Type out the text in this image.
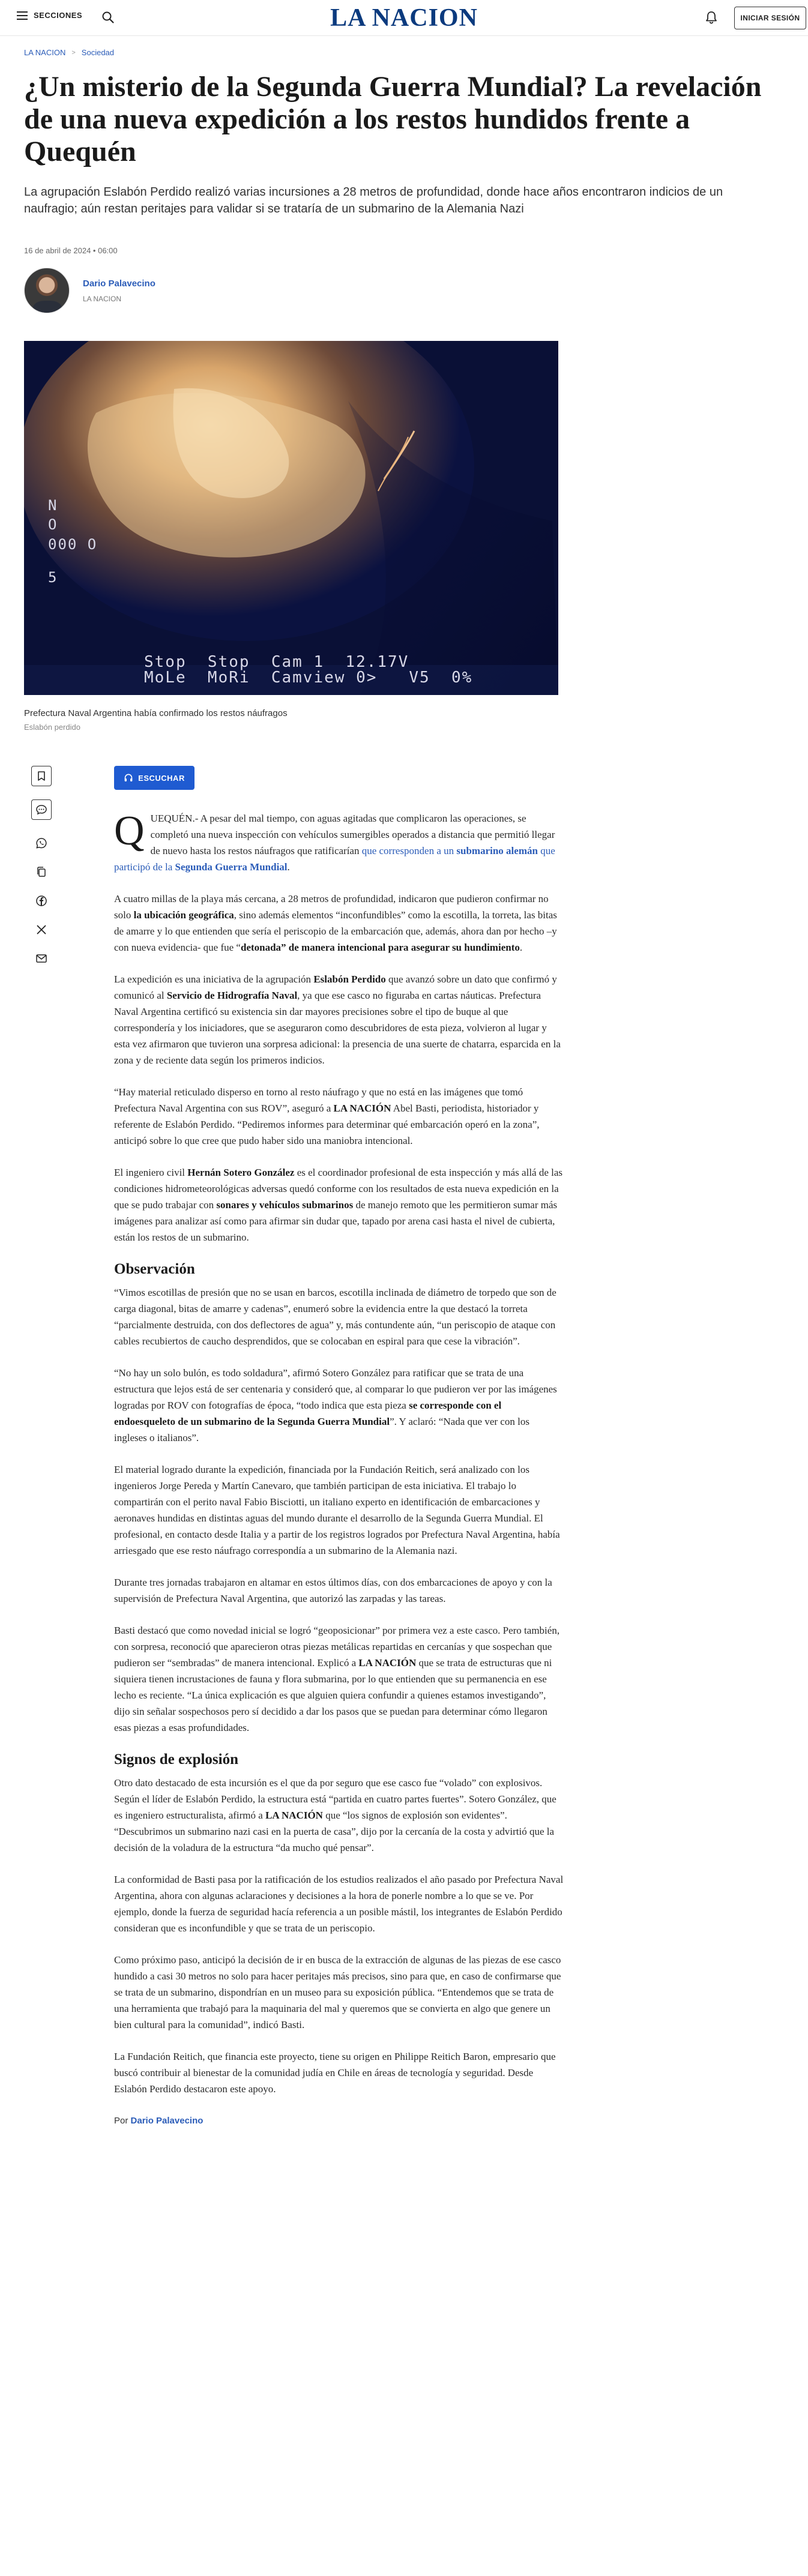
SECCIONES	LA NACION	INICIAR SESIÓN
LA NACION > Sociedad
¿Un misterio de la Segunda Guerra Mundial? La revelación de una nueva expedición a los restos hundidos frente a Quequén

La agrupación Eslabón Perdido realizó varias incursiones a 28 metros de profundidad, donde hace años encontraron indicios de un naufragio; aún restan peritajes para validar si se trataría de un submarino de la Alemania Nazi

16 de abril de 2024 • 06:00
Dario Palavecino
LA NACION
N
O
000 O
5
Stop  Stop  Cam 1  12.17V
MoLe  MoRi  Camview 0>   V5  0%
Prefectura Naval Argentina había confirmado los restos náufragos
Eslabón perdido
ESCUCHAR

QUEQUÉN.- A pesar del mal tiempo, con aguas agitadas que complicaron las operaciones, se completó una nueva inspección con vehículos sumergibles operados a distancia que permitió llegar de nuevo hasta los restos náufragos que ratificarían que corresponden a un submarino alemán que participó de la Segunda Guerra Mundial.

A cuatro millas de la playa más cercana, a 28 metros de profundidad, indicaron que pudieron confirmar no solo la ubicación geográfica, sino además elementos “inconfundibles” como la escotilla, la torreta, las bitas de amarre y lo que entienden que sería el periscopio de la embarcación que, además, ahora dan por hecho –y con nueva evidencia- que fue “detonada” de manera intencional para asegurar su hundimiento.

La expedición es una iniciativa de la agrupación Eslabón Perdido que avanzó sobre un dato que confirmó y comunicó al Servicio de Hidrografía Naval, ya que ese casco no figuraba en cartas náuticas. Prefectura Naval Argentina certificó su existencia sin dar mayores precisiones sobre el tipo de buque al que correspondería y los iniciadores, que se aseguraron como descubridores de esta pieza, volvieron al lugar y esta vez afirmaron que tuvieron una sorpresa adicional: la presencia de una suerte de chatarra, esparcida en la zona y de reciente data según los primeros indicios.

“Hay material reticulado disperso en torno al resto náufrago y que no está en las imágenes que tomó Prefectura Naval Argentina con sus ROV”, aseguró a LA NACIÓN Abel Basti, periodista, historiador y referente de Eslabón Perdido. “Pediremos informes para determinar qué embarcación operó en la zona”, anticipó sobre lo que cree que pudo haber sido una maniobra intencional.

El ingeniero civil Hernán Sotero González es el coordinador profesional de esta inspección y más allá de las condiciones hidrometeorológicas adversas quedó conforme con los resultados de esta nueva expedición en la que se pudo trabajar con sonares y vehículos submarinos de manejo remoto que les permitieron sumar más imágenes para analizar así como para afirmar sin dudar que, tapado por arena casi hasta el nivel de cubierta, están los restos de un submarino.

Observación

“Vimos escotillas de presión que no se usan en barcos, escotilla inclinada de diámetro de torpedo que son de carga diagonal, bitas de amarre y cadenas”, enumeró sobre la evidencia entre la que destacó la torreta “parcialmente destruida, con dos deflectores de agua” y, más contundente aún, “un periscopio de ataque con cables recubiertos de caucho desprendidos, que se colocaban en espiral para que cese la vibración”.

“No hay un solo bulón, es todo soldadura”, afirmó Sotero González para ratificar que se trata de una estructura que lejos está de ser centenaria y consideró que, al comparar lo que pudieron ver por las imágenes logradas por ROV con fotografías de época, “todo indica que esta pieza se corresponde con el endoesqueleto de un submarino de la Segunda Guerra Mundial”. Y aclaró: “Nada que ver con los ingleses o italianos”.

El material logrado durante la expedición, financiada por la Fundación Reitich, será analizado con los ingenieros Jorge Pereda y Martín Canevaro, que también participan de esta iniciativa. El trabajo lo compartirán con el perito naval Fabio Bisciotti, un italiano experto en identificación de embarcaciones y aeronaves hundidas en distintas aguas del mundo durante el desarrollo de la Segunda Guerra Mundial. El profesional, en contacto desde Italia y a partir de los registros logrados por Prefectura Naval Argentina, había arriesgado que ese resto náufrago correspondía a un submarino de la Alemania nazi.

Durante tres jornadas trabajaron en altamar en estos últimos días, con dos embarcaciones de apoyo y con la supervisión de Prefectura Naval Argentina, que autorizó las zarpadas y las tareas.

Basti destacó que como novedad inicial se logró “geoposicionar” por primera vez a este casco. Pero también, con sorpresa, reconoció que aparecieron otras piezas metálicas repartidas en cercanías y que sospechan que pudieron ser “sembradas” de manera intencional. Explicó a LA NACIÓN que se trata de estructuras que ni siquiera tienen incrustaciones de fauna y flora submarina, por lo que entienden que su permanencia en ese lecho es reciente. “La única explicación es que alguien quiera confundir a quienes estamos investigando”, dijo sin señalar sospechosos pero sí decidido a dar los pasos que se puedan para determinar cómo llegaron esas piezas a esas profundidades.

Signos de explosión

Otro dato destacado de esta incursión es el que da por seguro que ese casco fue “volado” con explosivos. Según el líder de Eslabón Perdido, la estructura está “partida en cuatro partes fuertes”. Sotero González, que es ingeniero estructuralista, afirmó a LA NACIÓN que “los signos de explosión son evidentes”. “Descubrimos un submarino nazi casi en la puerta de casa”, dijo por la cercanía de la costa y advirtió que la decisión de la voladura de la estructura “da mucho qué pensar”.

La conformidad de Basti pasa por la ratificación de los estudios realizados el año pasado por Prefectura Naval Argentina, ahora con algunas aclaraciones y decisiones a la hora de ponerle nombre a lo que se ve. Por ejemplo, donde la fuerza de seguridad hacía referencia a un posible mástil, los integrantes de Eslabón Perdido consideran que es inconfundible y que se trata de un periscopio.

Como próximo paso, anticipó la decisión de ir en busca de la extracción de algunas de las piezas de ese casco hundido a casi 30 metros no solo para hacer peritajes más precisos, sino para que, en caso de confirmarse que se trata de un submarino, dispondrían en un museo para su exposición pública. “Entendemos que se trata de una herramienta que trabajó para la maquinaria del mal y queremos que se convierta en algo que genere un bien cultural para la comunidad”, indicó Basti.

La Fundación Reitich, que financia este proyecto, tiene su origen en Philippe Reitich Baron, empresario que buscó contribuir al bienestar de la comunidad judía en Chile en áreas de tecnología y seguridad. Desde Eslabón Perdido destacaron este apoyo.

Por Dario Palavecino
